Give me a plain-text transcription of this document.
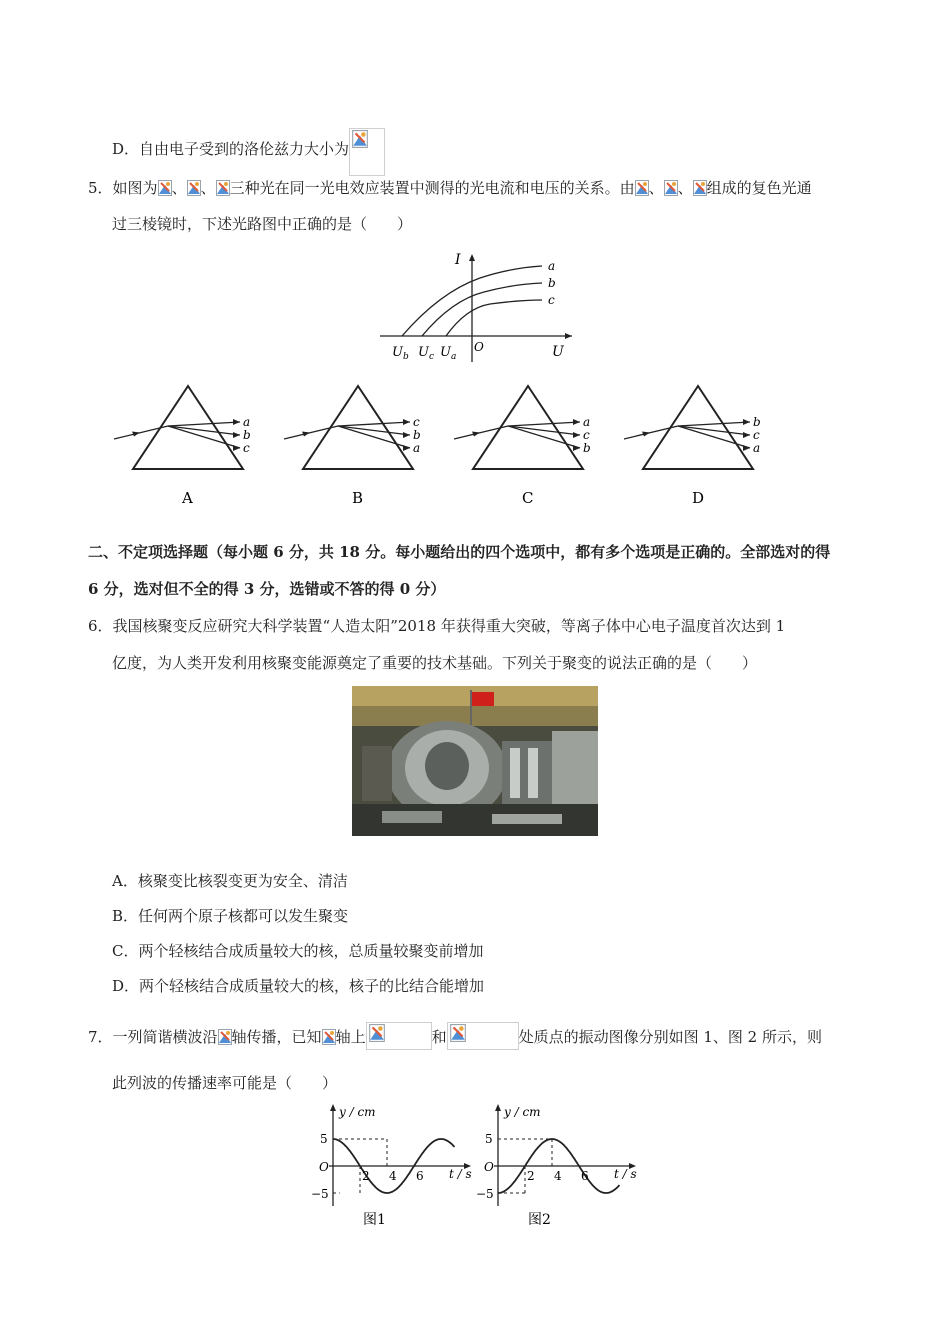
D．自由电子受到的洛伦兹力大小为
5．如图为 、 、 三种光在同一光电效应装置中测得的光电流和电压的关系。由 、 、 组成的复色光通
过三棱镜时，下述光路图中正确的是（　　）
I
U
O
a
b
c
$U_b$ $U_c$ $U_a$
a
b
c
A
c
b
a
B
a
c
b
C
b
c
a
D
二、不定项选择题（每小题 6 分，共 18 分。每小题给出的四个选项中，都有多个选项是正确的。全部选对的得
6 分，选对但不全的得 3 分，选错或不答的得 0 分）
6．我国核聚变反应研究大科学装置“人造太阳”2018 年获得重大突破，等离子体中心电子温度首次达到 1
亿度，为人类开发利用核聚变能源奠定了重要的技术基础。下列关于聚变的说法正确的是（　　）
A．核聚变比核裂变更为安全、清洁
B．任何两个原子核都可以发生聚变
C．两个轻核结合成质量较大的核，总质量较聚变前增加
D．两个轻核结合成质量较大的核，核子的比结合能增加
7．一列简谐横波沿 轴传播，已知 轴上	和	处质点的振动图像分别如图 1、图 2 所示，则
此列波的传播速率可能是（　　）
y / cm
t / s
5
O
−5
2 4 6
图1
y / cm
t / s
5
O
−5
2 4 6
图2
